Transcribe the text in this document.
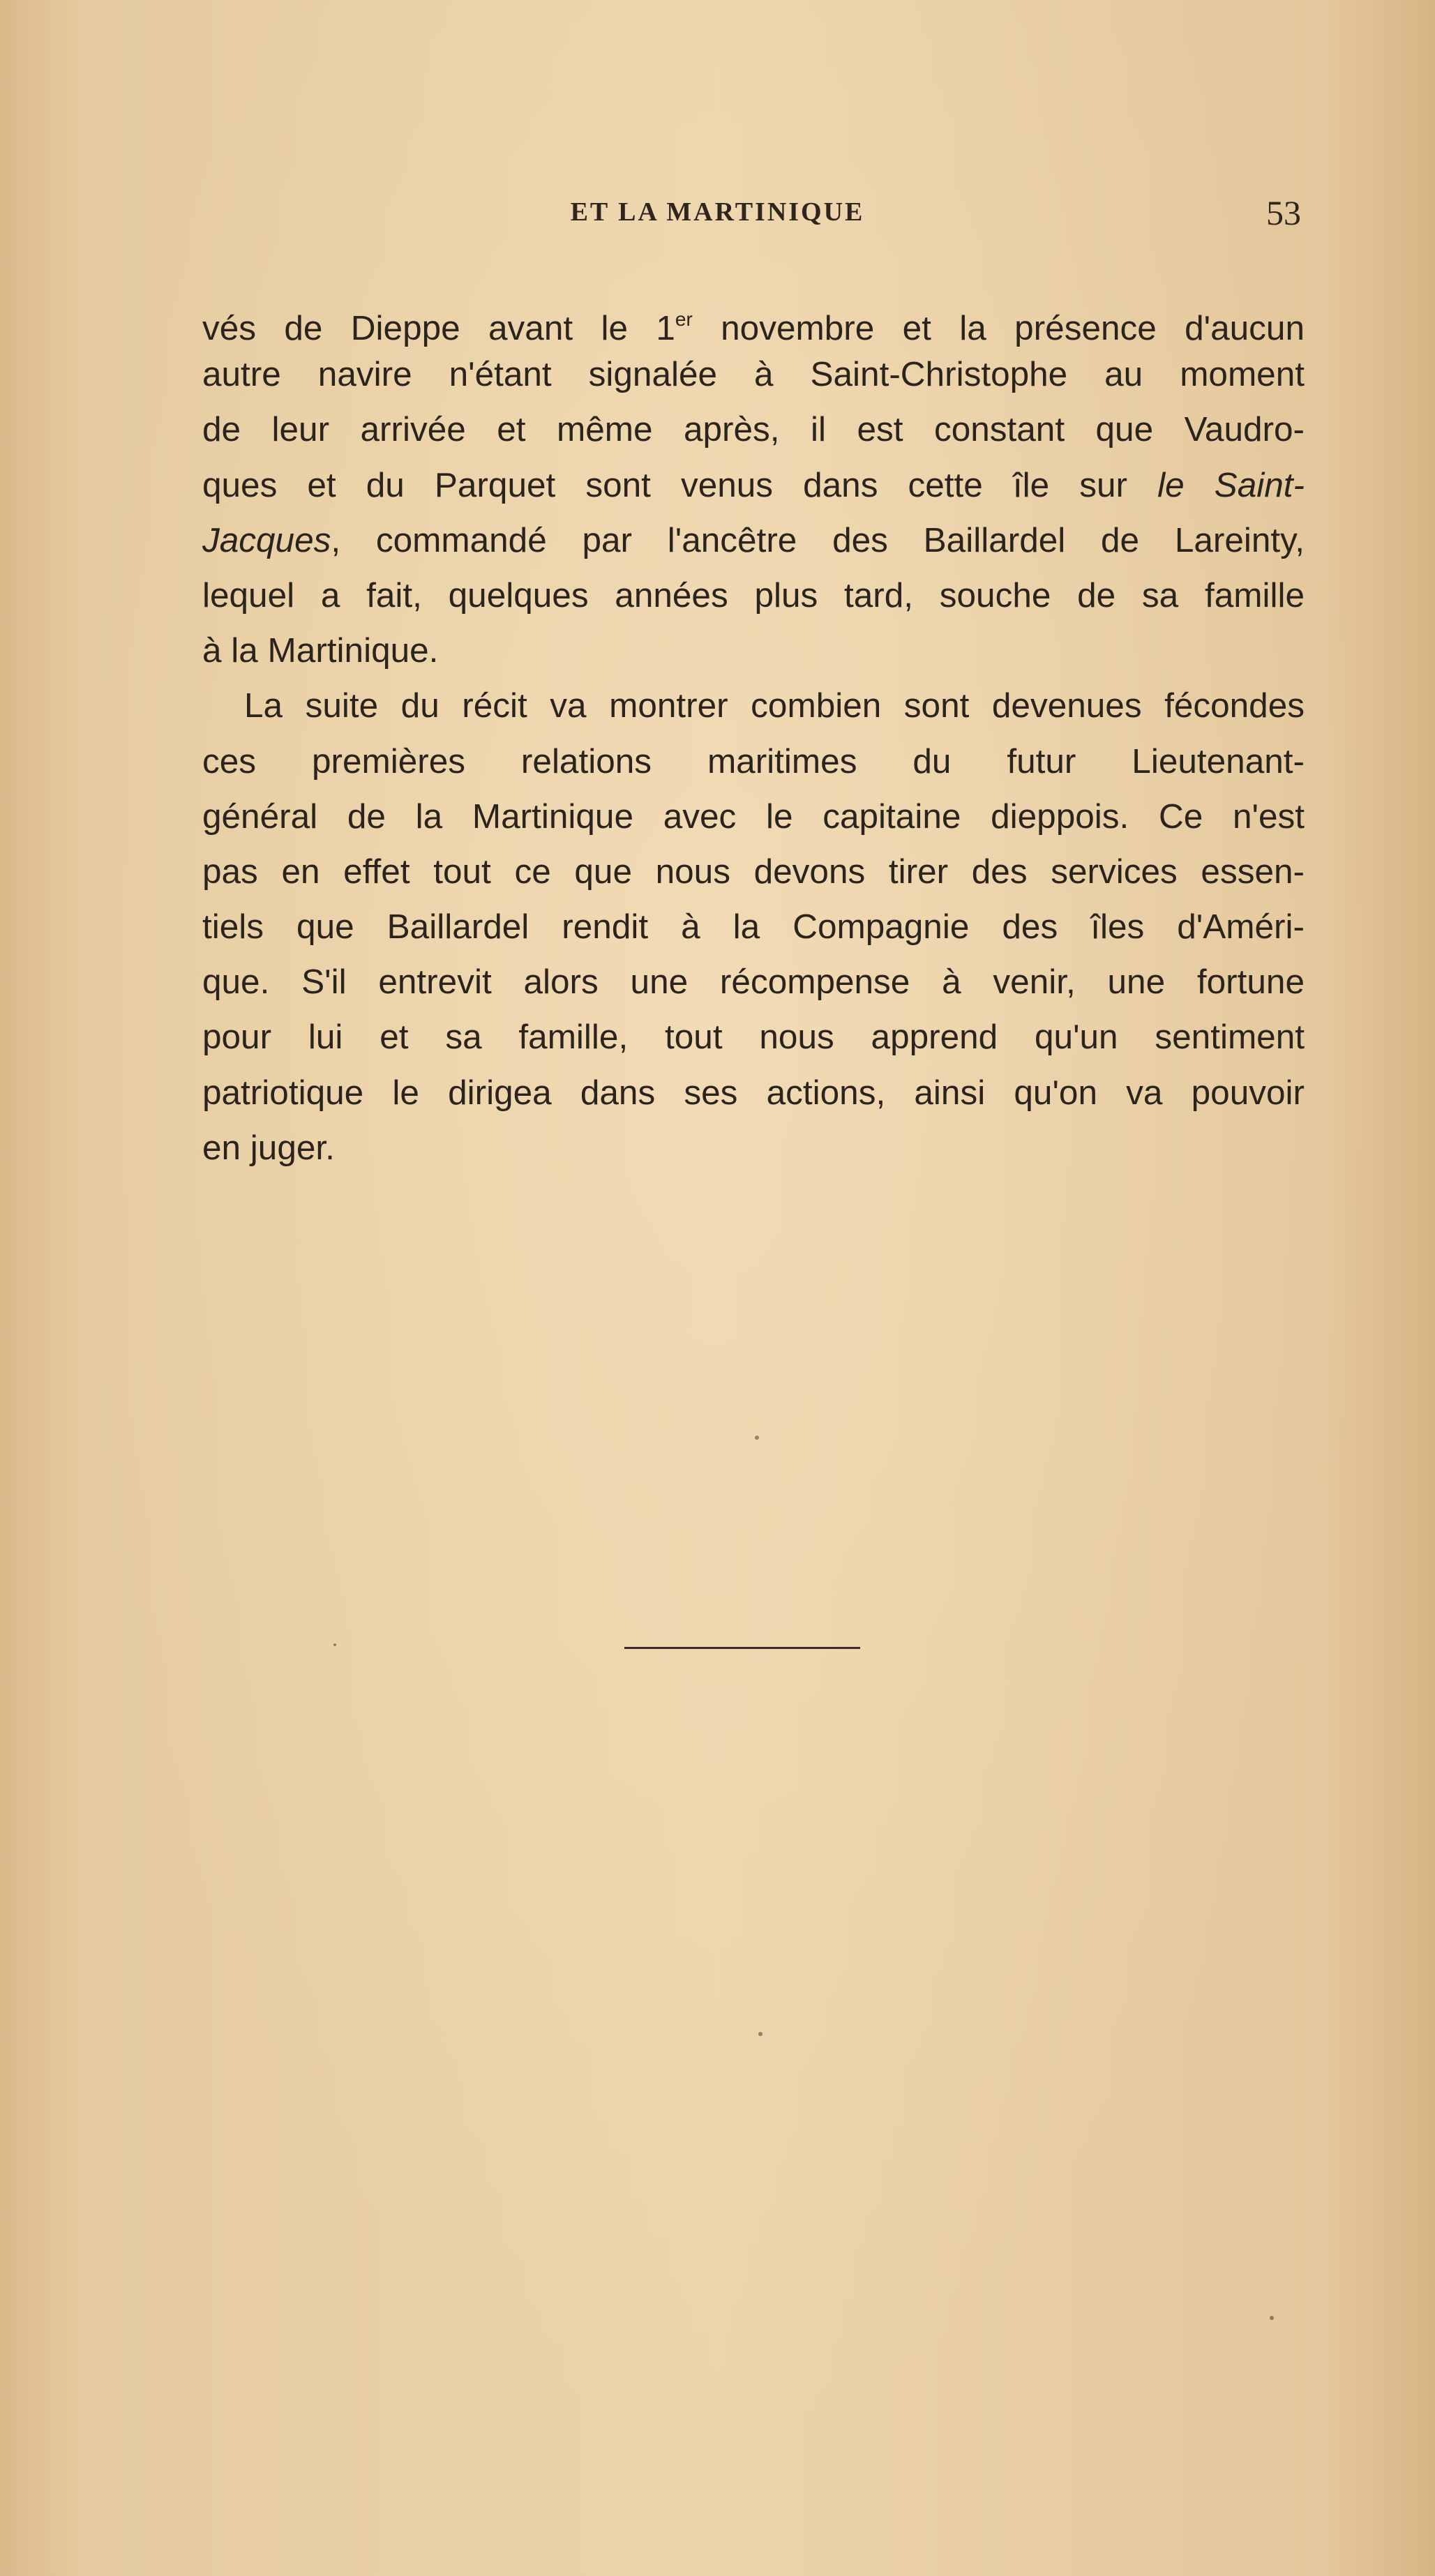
ET LA MARTINIQUE	53
vés de Dieppe avant le 1er novembre et la présence d'aucun
autre navire n'étant signalée à Saint-Christophe au moment
de leur arrivée et même après, il est constant que Vaudro-
ques et du Parquet sont venus dans cette île sur le Saint-
Jacques, commandé par l'ancêtre des Baillardel de Lareinty,
lequel a fait, quelques années plus tard, souche de sa famille
à la Martinique.
La suite du récit va montrer combien sont devenues fécondes
ces premières relations maritimes du futur Lieutenant-
général de la Martinique avec le capitaine dieppois. Ce n'est
pas en effet tout ce que nous devons tirer des services essen-
tiels que Baillardel rendit à la Compagnie des îles d'Améri-
que. S'il entrevit alors une récompense à venir, une fortune
pour lui et sa famille, tout nous apprend qu'un sentiment
patriotique le dirigea dans ses actions, ainsi qu'on va pouvoir
en juger.
